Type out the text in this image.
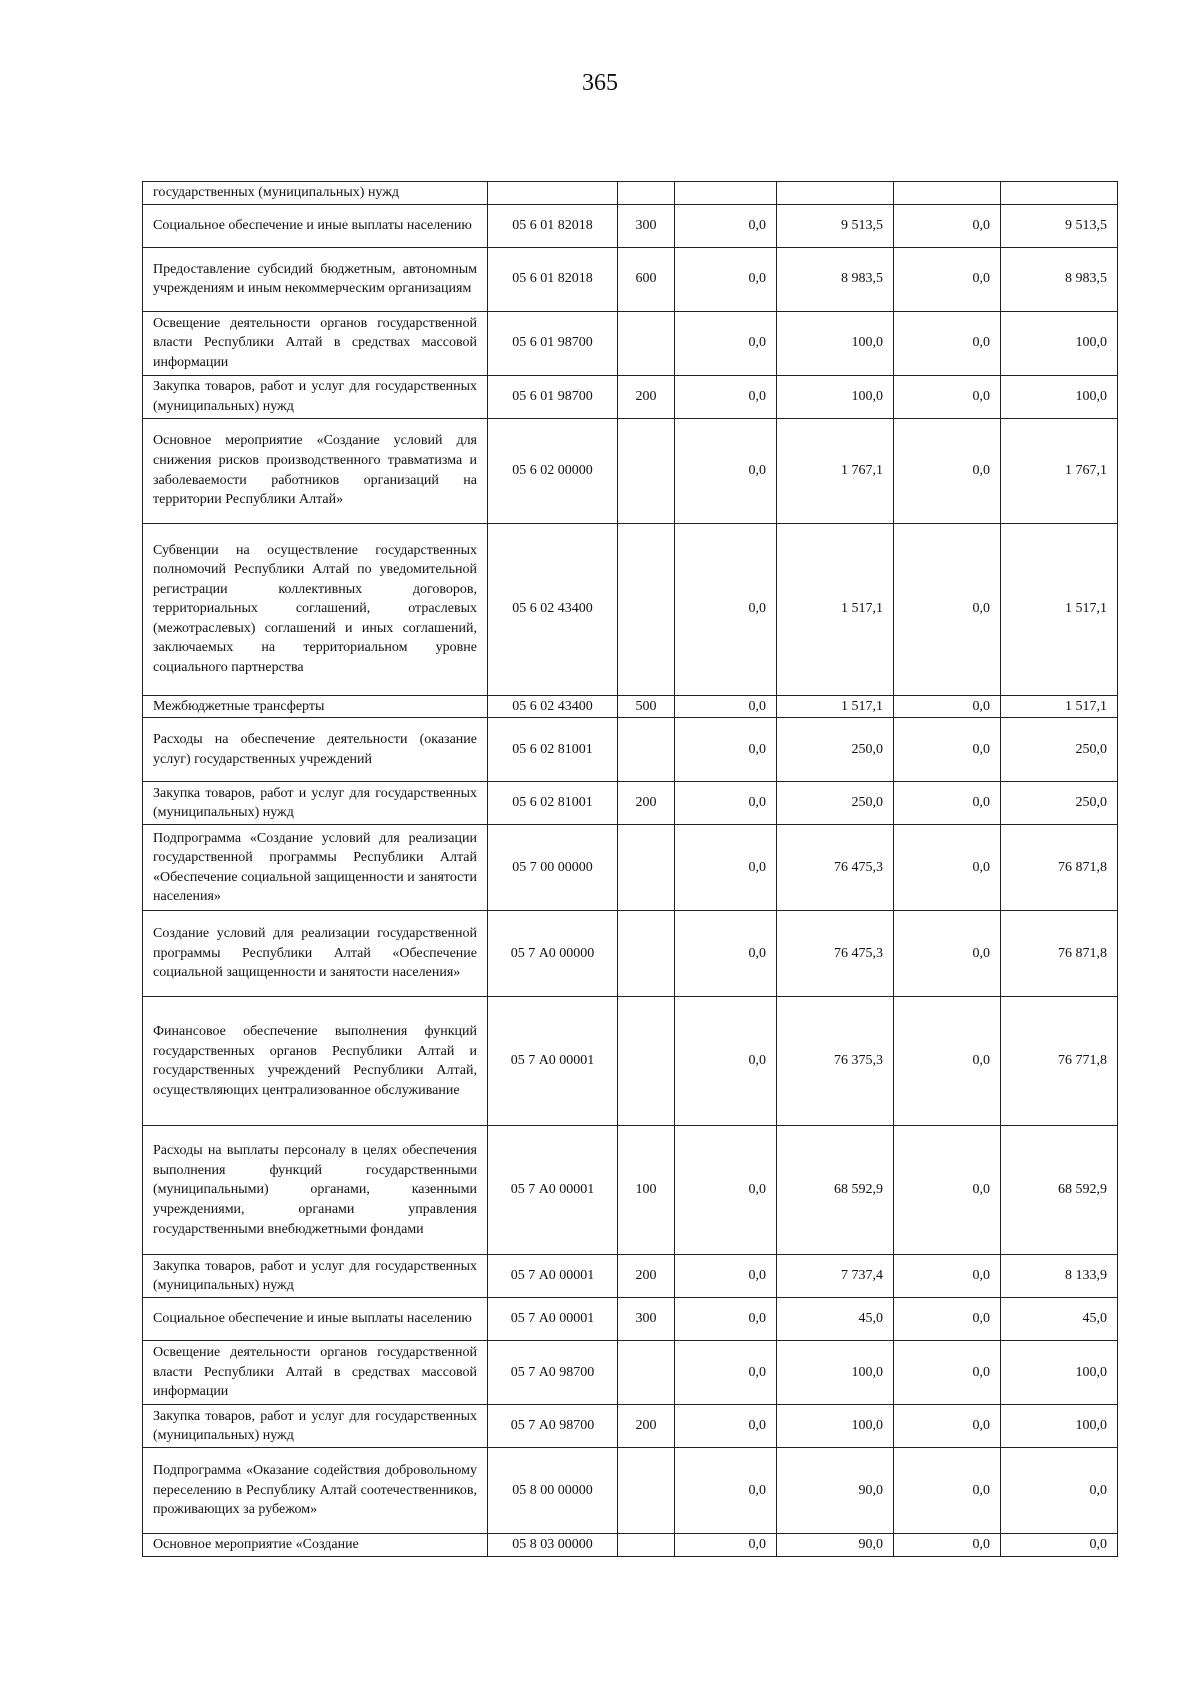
365
государственных (муниципальных) нужд						
Социальное обеспечение и иные выплаты населению	05 6 01 82018	300	0,0	9 513,5	0,0	9 513,5
Предоставление субсидий бюджетным, автономным учреждениям и иным некоммерческим организациям	05 6 01 82018	600	0,0	8 983,5	0,0	8 983,5
Освещение деятельности органов государственной власти Республики Алтай в средствах массовой информации	05 6 01 98700		0,0	100,0	0,0	100,0
Закупка товаров, работ и услуг для государственных (муниципальных) нужд	05 6 01 98700	200	0,0	100,0	0,0	100,0
Основное мероприятие «Создание условий для снижения рисков производственного травматизма и заболеваемости работников организаций на территории Республики Алтай»	05 6 02 00000		0,0	1 767,1	0,0	1 767,1
Субвенции на осуществление государственных полномочий Республики Алтай по уведомительной регистрации коллективных договоров, территориальных соглашений, отраслевых (межотраслевых) соглашений и иных соглашений, заключаемых на территориальном уровне социального партнерства	05 6 02 43400		0,0	1 517,1	0,0	1 517,1
Межбюджетные трансферты	05 6 02 43400	500	0,0	1 517,1	0,0	1 517,1
Расходы на обеспечение деятельности (оказание услуг) государственных учреждений	05 6 02 81001		0,0	250,0	0,0	250,0
Закупка товаров, работ и услуг для государственных (муниципальных) нужд	05 6 02 81001	200	0,0	250,0	0,0	250,0
Подпрограмма «Создание условий для реализации государственной программы Республики Алтай «Обеспечение социальной защищенности и занятости населения»	05 7 00 00000		0,0	76 475,3	0,0	76 871,8
Создание условий для реализации государственной программы Республики Алтай «Обеспечение социальной защищенности и занятости населения»	05 7 А0 00000		0,0	76 475,3	0,0	76 871,8
Финансовое обеспечение выполнения функций государственных органов Республики Алтай и государственных учреждений Республики Алтай, осуществляющих централизованное обслуживание	05 7 А0 00001		0,0	76 375,3	0,0	76 771,8
Расходы на выплаты персоналу в целях обеспечения выполнения функций государственными (муниципальными) органами, казенными учреждениями, органами управления государственными внебюджетными фондами	05 7 А0 00001	100	0,0	68 592,9	0,0	68 592,9
Закупка товаров, работ и услуг для государственных (муниципальных) нужд	05 7 А0 00001	200	0,0	7 737,4	0,0	8 133,9
Социальное обеспечение и иные выплаты населению	05 7 А0 00001	300	0,0	45,0	0,0	45,0
Освещение деятельности органов государственной власти Республики Алтай в средствах массовой информации	05 7 А0 98700		0,0	100,0	0,0	100,0
Закупка товаров, работ и услуг для государственных (муниципальных) нужд	05 7 А0 98700	200	0,0	100,0	0,0	100,0
Подпрограмма «Оказание содействия добровольному переселению в Республику Алтай соотечественников, проживающих за рубежом»	05 8 00 00000		0,0	90,0	0,0	0,0
Основное мероприятие «Создание	05 8 03 00000		0,0	90,0	0,0	0,0
